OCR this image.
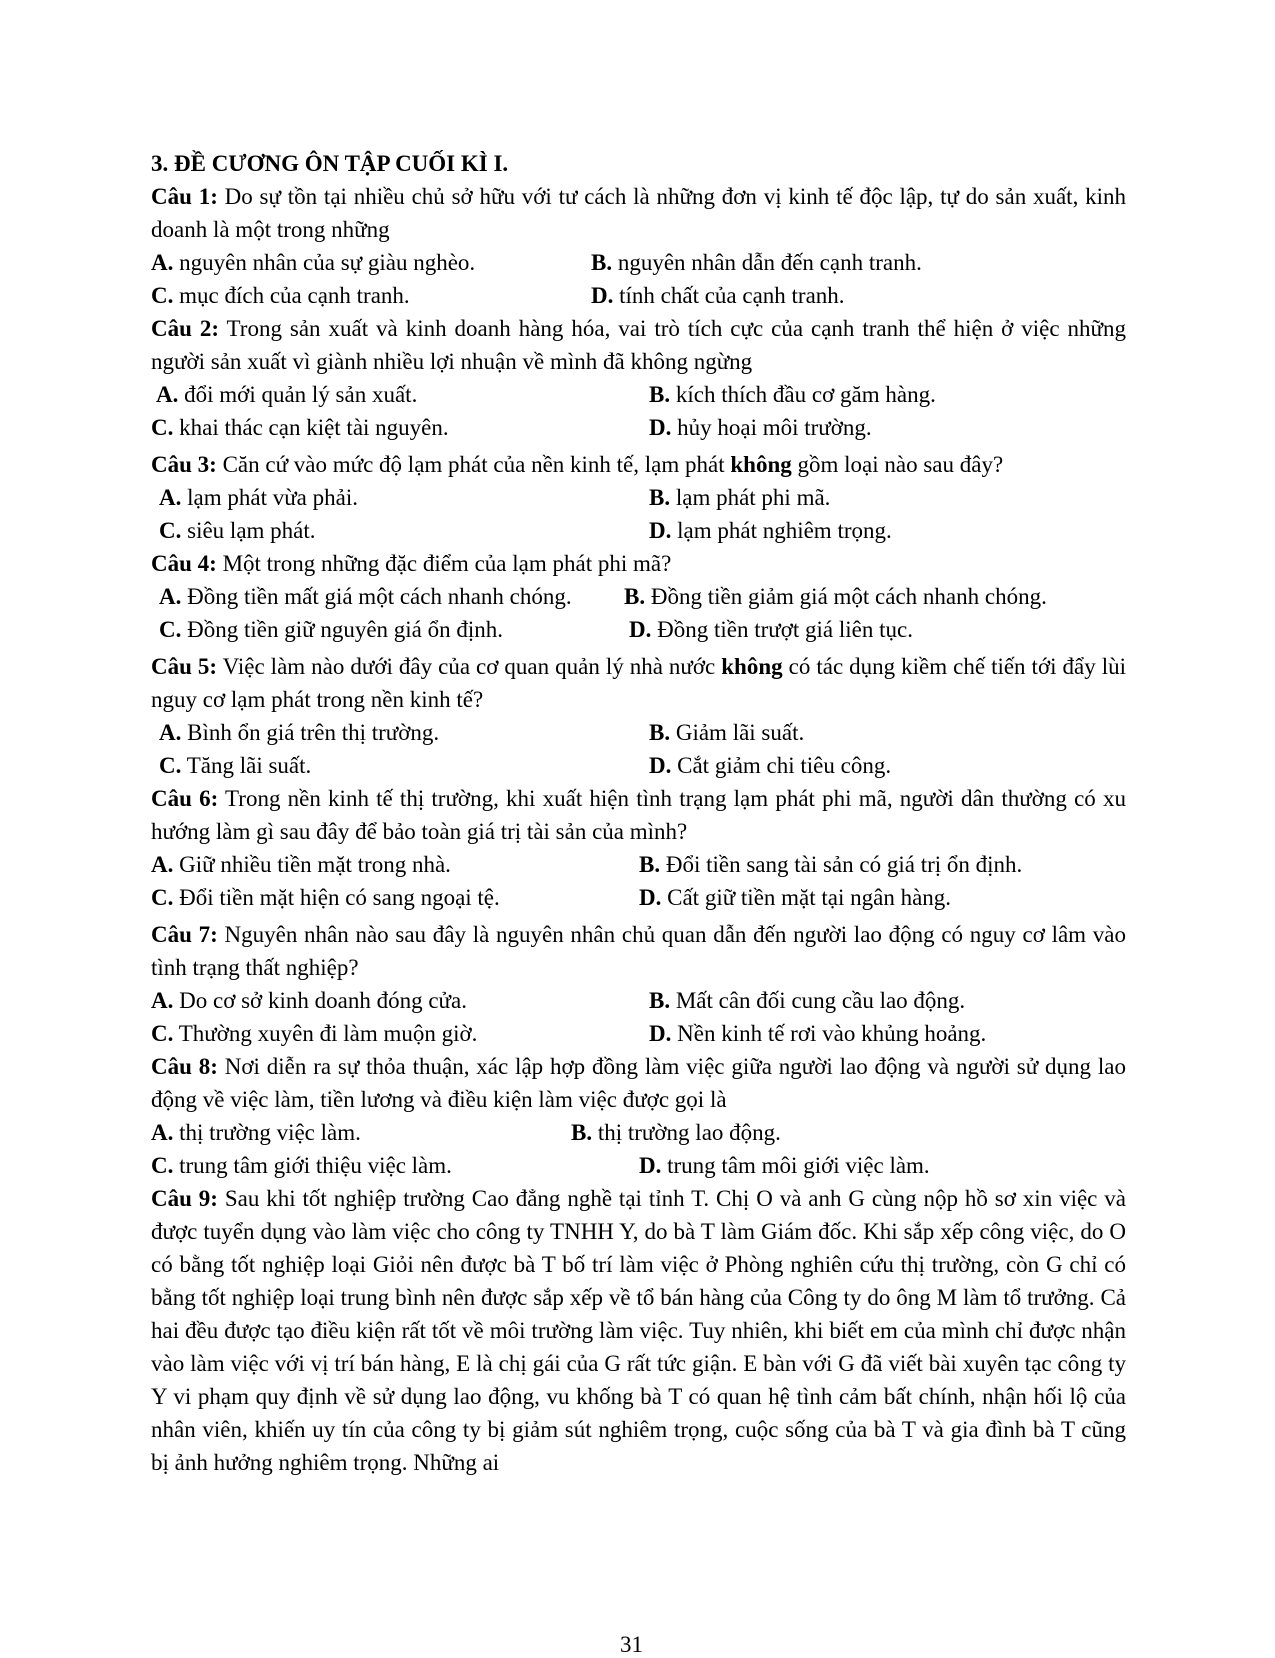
3. ĐỀ CƯƠNG ÔN TẬP CUỐI KÌ I.
Câu 1: Do sự tồn tại nhiều chủ sở hữu với tư cách là những đơn vị kinh tế độc lập, tự do sản xuất, kinh doanh là một trong những
A. nguyên nhân của sự giàu nghèo.	B. nguyên nhân dẫn đến cạnh tranh.
C. mục đích của cạnh tranh.	D. tính chất của cạnh tranh.
Câu 2: Trong sản xuất và kinh doanh hàng hóa, vai trò tích cực của cạnh tranh thể hiện ở việc những người sản xuất vì giành nhiều lợi nhuận về mình đã không ngừng
A. đổi mới quản lý sản xuất.	B. kích thích đầu cơ găm hàng.
C. khai thác cạn kiệt tài nguyên.	D. hủy hoại môi trường.
Câu 3: Căn cứ vào mức độ lạm phát của nền kinh tế, lạm phát không gồm loại nào sau đây?
A. lạm phát vừa phải.	B. lạm phát phi mã.
C. siêu lạm phát.	D. lạm phát nghiêm trọng.
Câu 4: Một trong những đặc điểm của lạm phát phi mã?
A. Đồng tiền mất giá một cách nhanh chóng. B. Đồng tiền giảm giá một cách nhanh chóng.
C. Đồng tiền giữ nguyên giá ổn định.	D. Đồng tiền trượt giá liên tục.
Câu 5: Việc làm nào dưới đây của cơ quan quản lý nhà nước không có tác dụng kiềm chế tiến tới đẩy lùi nguy cơ lạm phát trong nền kinh tế?
A. Bình ổn giá trên thị trường.	B. Giảm lãi suất.
C. Tăng lãi suất.	D. Cắt giảm chi tiêu công.
Câu 6: Trong nền kinh tế thị trường, khi xuất hiện tình trạng lạm phát phi mã, người dân thường có xu hướng làm gì sau đây để bảo toàn giá trị tài sản của mình?
A. Giữ nhiều tiền mặt trong nhà.	B. Đổi tiền sang tài sản có giá trị ổn định.
C. Đổi tiền mặt hiện có sang ngoại tệ.	D. Cất giữ tiền mặt tại ngân hàng.
Câu 7: Nguyên nhân nào sau đây là nguyên nhân chủ quan dẫn đến người lao động có nguy cơ lâm vào tình trạng thất nghiệp?
A. Do cơ sở kinh doanh đóng cửa.	B. Mất cân đối cung cầu lao động.
C. Thường xuyên đi làm muộn giờ.	D. Nền kinh tế rơi vào khủng hoảng.
Câu 8: Nơi diễn ra sự thỏa thuận, xác lập hợp đồng làm việc giữa người lao động và người sử dụng lao động về việc làm, tiền lương và điều kiện làm việc được gọi là
A. thị trường việc làm.	B. thị trường lao động.
C. trung tâm giới thiệu việc làm.	D. trung tâm môi giới việc làm.
Câu 9: Sau khi tốt nghiệp trường Cao đẳng nghề tại tỉnh T. Chị O và anh G cùng nộp hồ sơ xin việc và được tuyển dụng vào làm việc cho công ty TNHH Y, do bà T làm Giám đốc. Khi sắp xếp công việc, do O có bằng tốt nghiệp loại Giỏi nên được bà T bố trí làm việc ở Phòng nghiên cứu thị trường, còn G chỉ có bằng tốt nghiệp loại trung bình nên được sắp xếp về tổ bán hàng của Công ty do ông M làm tổ trưởng. Cả hai đều được tạo điều kiện rất tốt về môi trường làm việc. Tuy nhiên, khi biết em của mình chỉ được nhận vào làm việc với vị trí bán hàng, E là chị gái của G rất tức giận. E bàn với G đã viết bài xuyên tạc công ty Y vi phạm quy định về sử dụng lao động, vu khống bà T có quan hệ tình cảm bất chính, nhận hối lộ của nhân viên, khiến uy tín của công ty bị giảm sút nghiêm trọng, cuộc sống của bà T và gia đình bà T cũng bị ảnh hưởng nghiêm trọng. Những ai
31
